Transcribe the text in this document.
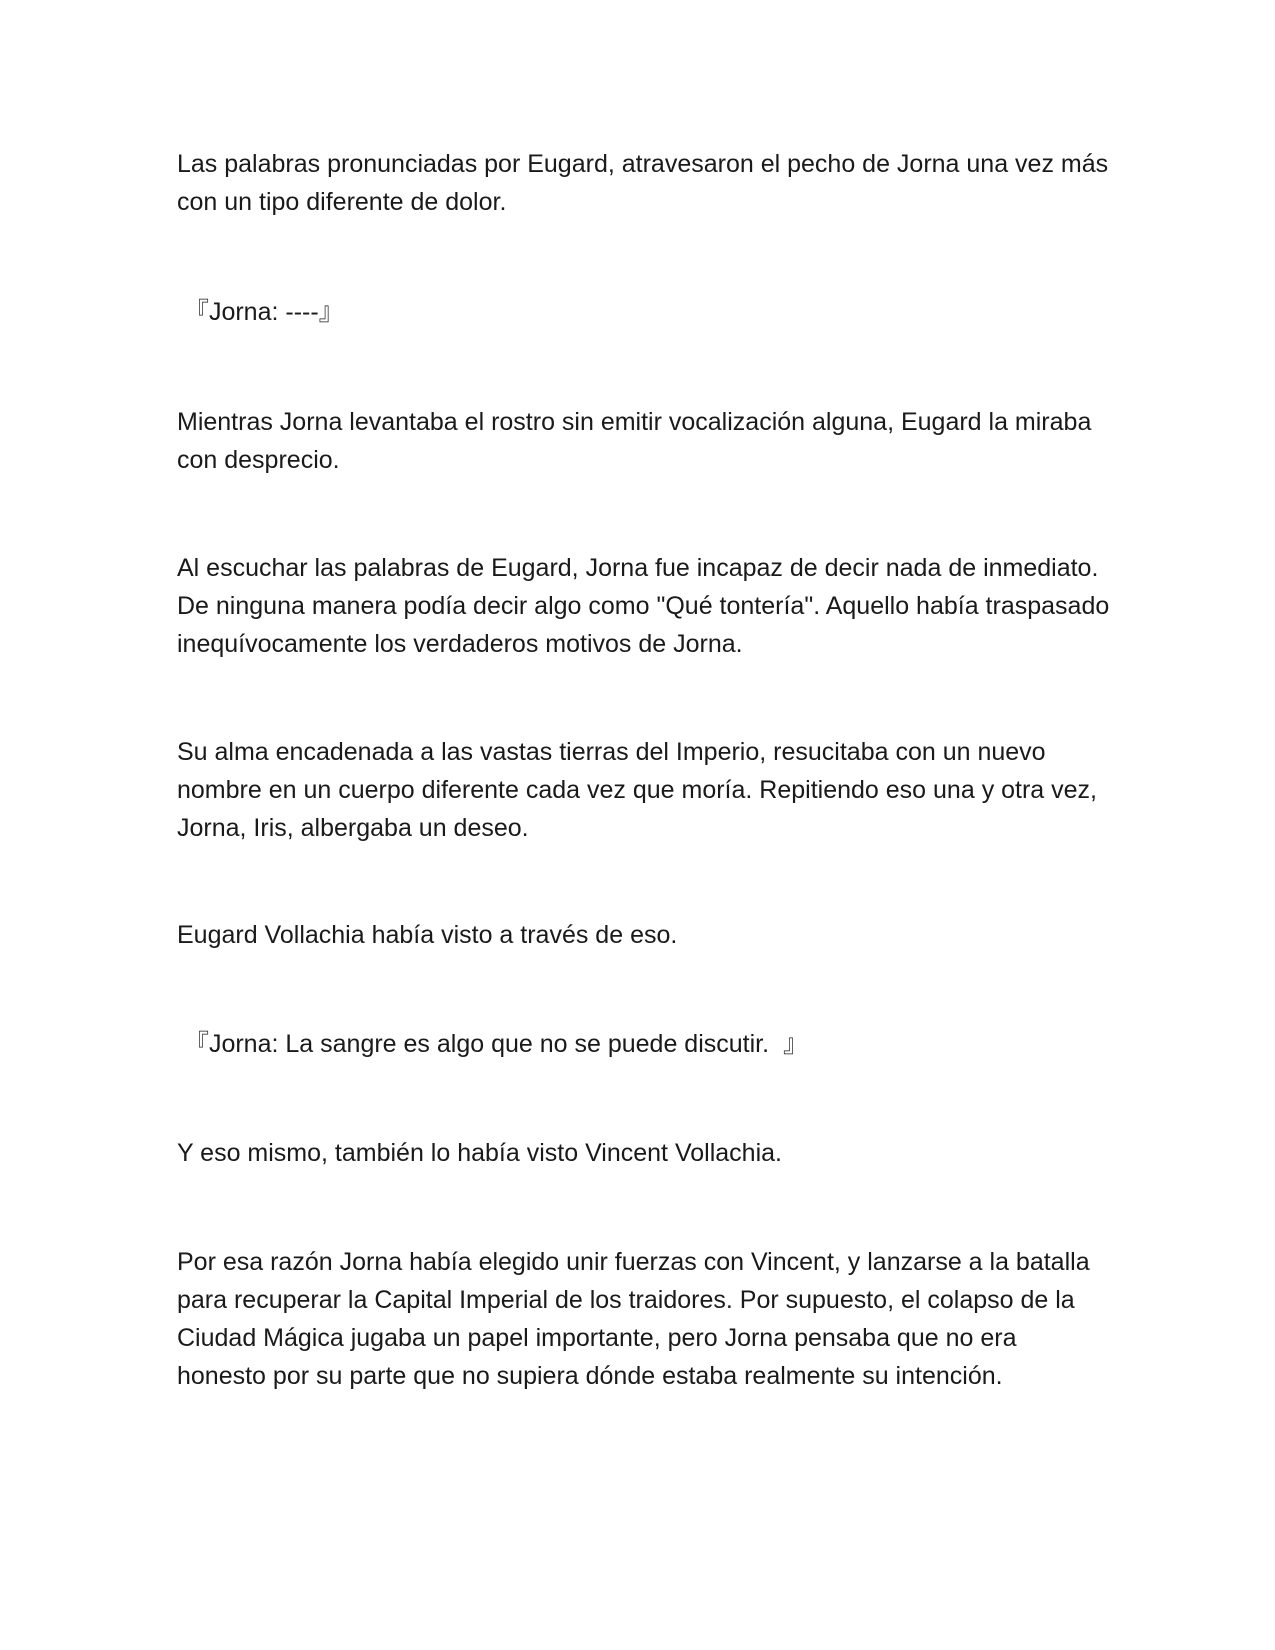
Las palabras pronunciadas por Eugard, atravesaron el pecho de Jorna una vez más con un tipo diferente de dolor.

『Jorna: ----』

Mientras Jorna levantaba el rostro sin emitir vocalización alguna, Eugard la miraba con desprecio.

Al escuchar las palabras de Eugard, Jorna fue incapaz de decir nada de inmediato. De ninguna manera podía decir algo como "Qué tontería". Aquello había traspasado inequívocamente los verdaderos motivos de Jorna.

Su alma encadenada a las vastas tierras del Imperio, resucitaba con un nuevo nombre en un cuerpo diferente cada vez que moría. Repitiendo eso una y otra vez, Jorna, Iris, albergaba un deseo.

Eugard Vollachia había visto a través de eso.

『Jorna: La sangre es algo que no se puede discutir.  』

Y eso mismo, también lo había visto Vincent Vollachia.

Por esa razón Jorna había elegido unir fuerzas con Vincent, y lanzarse a la batalla para recuperar la Capital Imperial de los traidores. Por supuesto, el colapso de la Ciudad Mágica jugaba un papel importante, pero Jorna pensaba que no era honesto por su parte que no supiera dónde estaba realmente su intención.
